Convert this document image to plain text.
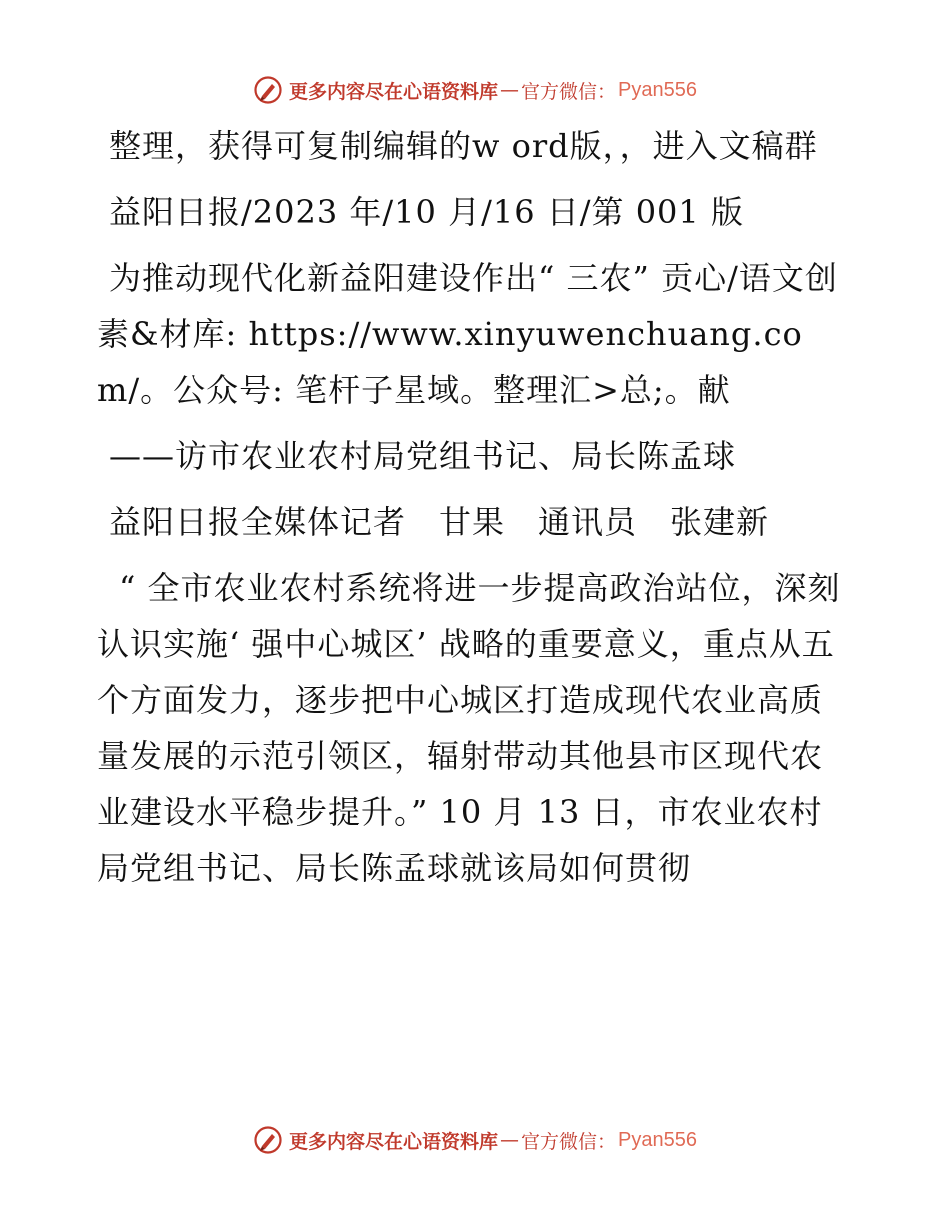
更多内容尽在心语资料库 — 官方微信： Pyan556

整理，获得可复制编辑的w ord版，，进入文稿群

益阳日报/2023 年/10 月/16 日/第 001 版

为推动现代化新益阳建设作出“ 三农” 贡心/语文创素&材库: https://www.xinyuwenchuang.com/。公众号: 笔杆子星域。整理汇>总;。献

——访市农业农村局党组书记、局长陈孟球

益阳日报全媒体记者　甘果　通讯员　张建新

“ 全市农业农村系统将进一步提高政治站位，深刻认识实施‘ 强中心城区’ 战略的重要意义，重点从五个方面发力，逐步把中心城区打造成现代农业高质量发展的示范引领区，辐射带动其他县市区现代农业建设水平稳步提升。” 10 月 13 日，市农业农村局党组书记、局长陈孟球就该局如何贯彻

更多内容尽在心语资料库 — 官方微信： Pyan556
